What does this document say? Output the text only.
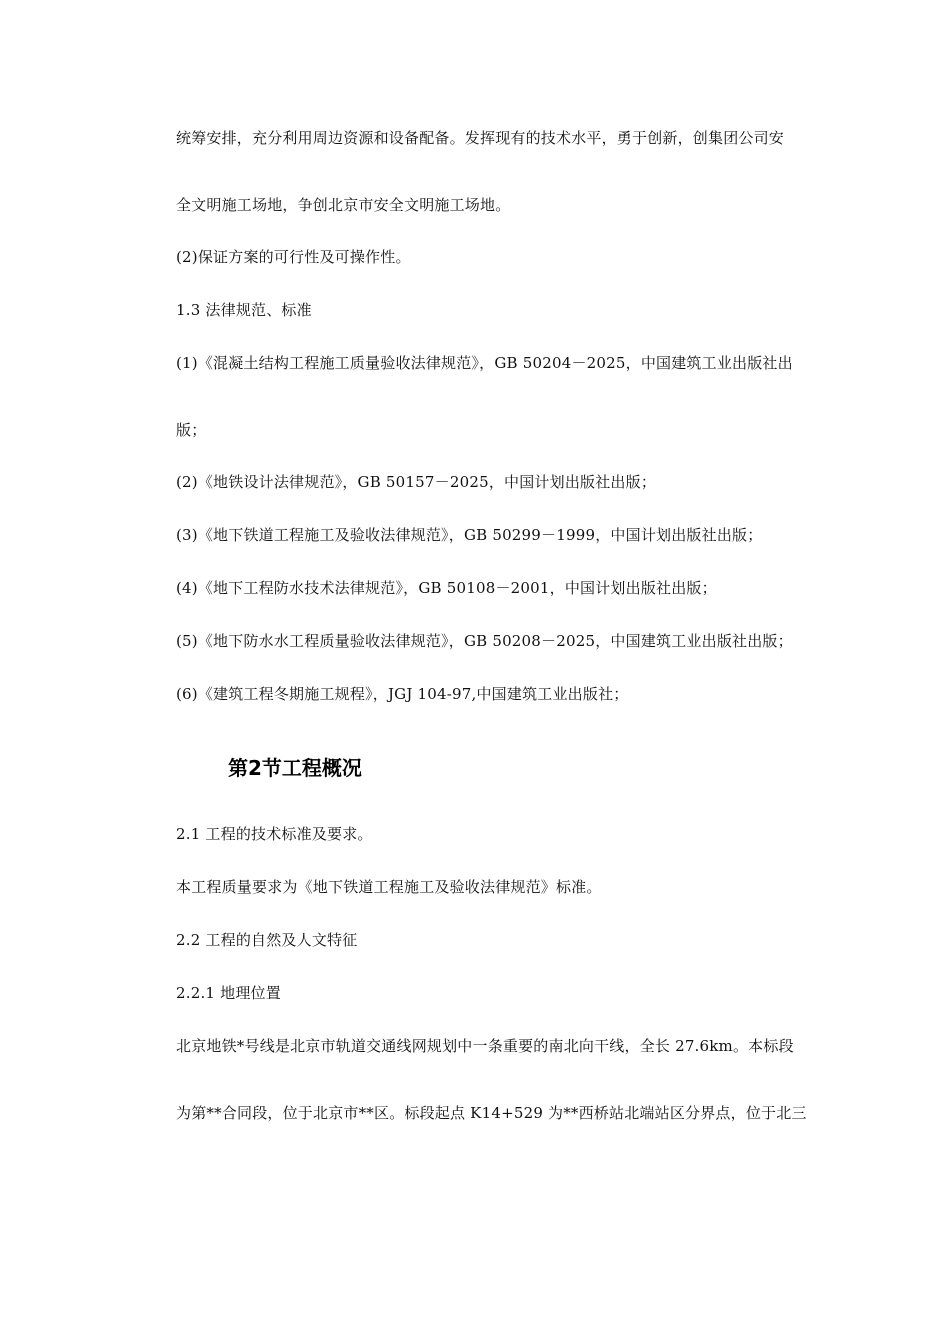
统筹安排，充分利用周边资源和设备配备。发挥现有的技术水平，勇于创新，创集团公司安
全文明施工场地，争创北京市安全文明施工场地。
(2)保证方案的可行性及可操作性。
1.3 法律规范、标准
(1)《混凝土结构工程施工质量验收法律规范》，GB 50204－2025，中国建筑工业出版社出
版；
(2)《地铁设计法律规范》，GB 50157－2025，中国计划出版社出版；
(3)《地下铁道工程施工及验收法律规范》，GB 50299－1999，中国计划出版社出版；
(4)《地下工程防水技术法律规范》，GB 50108－2001，中国计划出版社出版；
(5)《地下防水水工程质量验收法律规范》，GB 50208－2025，中国建筑工业出版社出版；
(6)《建筑工程冬期施工规程》，JGJ 104-97,中国建筑工业出版社；
第2节工程概况
2.1 工程的技术标准及要求。
本工程质量要求为《地下铁道工程施工及验收法律规范》标准。
2.2 工程的自然及人文特征
2.2.1 地理位置
北京地铁*号线是北京市轨道交通线网规划中一条重要的南北向干线，全长 27.6km。本标段
为第**合同段，位于北京市**区。标段起点 K14+529 为**西桥站北端站区分界点，位于北三
